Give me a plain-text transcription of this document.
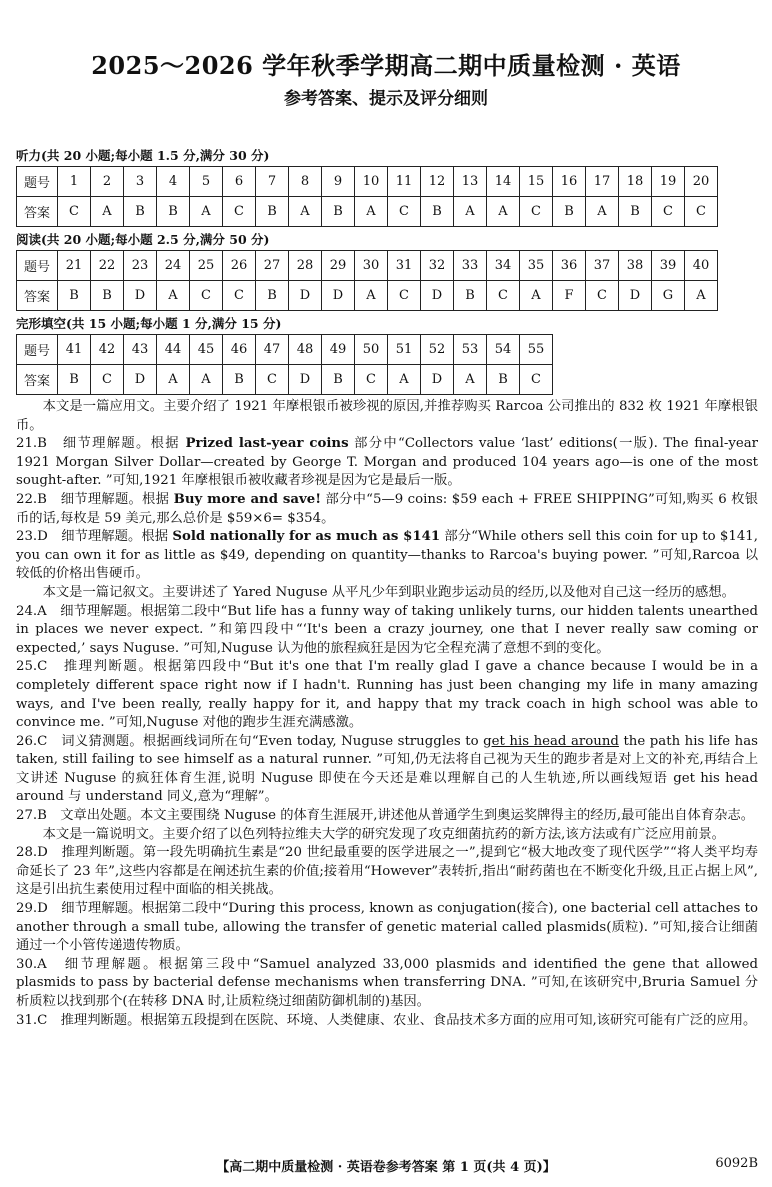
2025～2026 学年秋季学期高二期中质量检测 · 英语
参考答案、提示及评分细则
听力(共 20 小题;每小题 1.5 分,满分 30 分)
题号	1	2	3	4	5	6	7	8	9	10	11	12	13	14	15	16	17	18	19	20
答案	C	A	B	B	A	C	B	A	B	A	C	B	A	A	C	B	A	B	C	C
阅读(共 20 小题;每小题 2.5 分,满分 50 分)
题号	21	22	23	24	25	26	27	28	29	30	31	32	33	34	35	36	37	38	39	40
答案	B	B	D	A	C	C	B	D	D	A	C	D	B	C	A	F	C	D	G	A
完形填空(共 15 小题;每小题 1 分,满分 15 分)
题号	41	42	43	44	45	46	47	48	49	50	51	52	53	54	55
答案	B	C	D	A	A	B	C	D	B	C	A	D	A	B	C

本文是一篇应用文。主要介绍了 1921 年摩根银币被珍视的原因,并推荐购买 Rarcoa 公司推出的 832 枚 1921 年摩根银币。

21.B　 细节理解题。根据 Prized last-year coins 部分中“Collectors value ‘last’ editions(一版). The final-year 1921 Morgan Silver Dollar—created by George T. Morgan and produced 104 years ago—is one of the most sought-after. ”可知,1921 年摩根银币被收藏者珍视是因为它是最后一版。

22.B　 细节理解题。根据 Buy more and save! 部分中“5—9 coins: $59 each + FREE SHIPPING”可知,购买 6 枚银币的话,每枚是 59 美元,那么总价是 $59×6= $354。

23.D　 细节理解题。根据 Sold nationally for as much as $141 部分“While others sell this coin for up to $141, you can own it for as little as $49, depending on quantity—thanks to Rarcoa's buying power. ”可知,Rarcoa 以较低的价格出售硬币。

本文是一篇记叙文。主要讲述了 Yared Nuguse 从平凡少年到职业跑步运动员的经历,以及他对自己这一经历的感想。

24.A　 细节理解题。根据第二段中“But life has a funny way of taking unlikely turns, our hidden talents unearthed in places we never expect. ”和第四段中“‘It's been a crazy journey, one that I never really saw coming or expected,’ says Nuguse. ”可知,Nuguse 认为他的旅程疯狂是因为它全程充满了意想不到的变化。

25.C　 推理判断题。根据第四段中“But it's one that I'm really glad I gave a chance because I would be in a completely different space right now if I hadn't. Running has just been changing my life in many amazing ways, and I've been really, really happy for it, and happy that my track coach in high school was able to convince me. ”可知,Nuguse 对他的跑步生涯充满感激。

26.C　 词义猜测题。根据画线词所在句“Even today, Nuguse struggles to get his head around the path his life has taken, still failing to see himself as a natural runner. ”可知,仍无法将自己视为天生的跑步者是对上文的补充,再结合上文讲述 Nuguse 的疯狂体育生涯,说明 Nuguse 即使在今天还是难以理解自己的人生轨迹,所以画线短语 get his head around 与 understand 同义,意为“理解”。

27.B　 文章出处题。本文主要围绕 Nuguse 的体育生涯展开,讲述他从普通学生到奥运奖牌得主的经历,最可能出自体育杂志。

本文是一篇说明文。主要介绍了以色列特拉维夫大学的研究发现了攻克细菌抗药的新方法,该方法或有广泛应用前景。

28.D　 推理判断题。第一段先明确抗生素是“20 世纪最重要的医学进展之一”,提到它“极大地改变了现代医学”“将人类平均寿命延长了 23 年”,这些内容都是在阐述抗生素的价值;接着用“However”表转折,指出“耐药菌也在不断变化升级,且正占据上风”,这是引出抗生素使用过程中面临的相关挑战。

29.D　 细节理解题。根据第二段中“During this process, known as conjugation(接合), one bacterial cell attaches to another through a small tube, allowing the transfer of genetic material called plasmids(质粒). ”可知,接合让细菌通过一个小管传递遗传物质。

30.A　 细节理解题。根据第三段中“Samuel analyzed 33,000 plasmids and identified the gene that allowed plasmids to pass by bacterial defense mechanisms when transferring DNA. ”可知,在该研究中,Bruria Samuel 分析质粒以找到那个(在转移 DNA 时,让质粒绕过细菌防御机制的)基因。

31.C　 推理判断题。根据第五段提到在医院、环境、人类健康、农业、食品技术多方面的应用可知,该研究可能有广泛的应用。

【高二期中质量检测 · 英语卷参考答案 第 1 页(共 4 页)】	6092B
